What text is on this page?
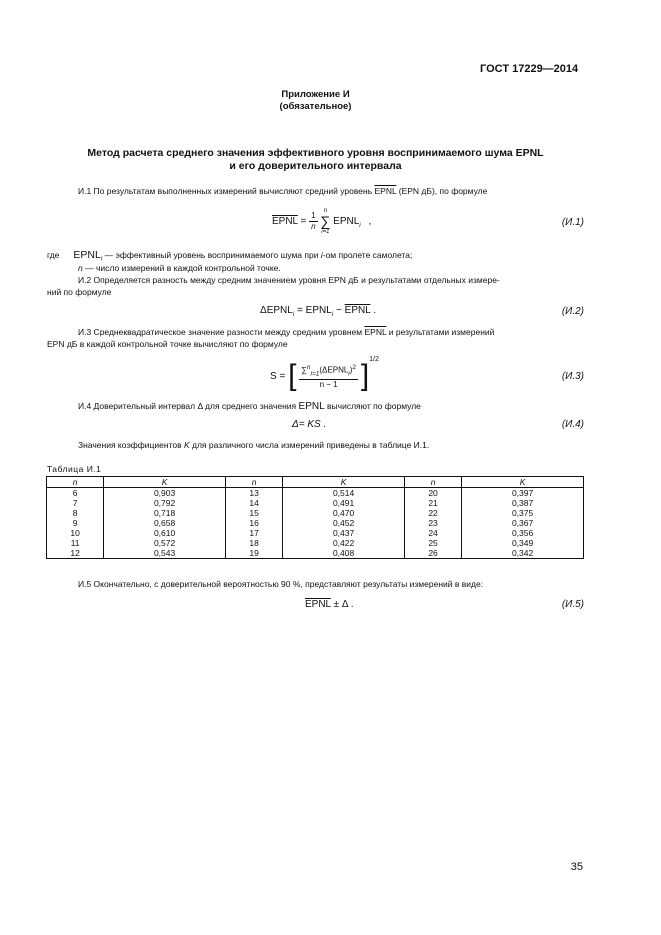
ГОСТ 17229—2014
Приложение И
(обязательное)
Метод расчета среднего значения эффективного уровня воспринимаемого шума EPNL
и его доверительного интервала
И.1 По результатам выполненных измерений вычисляют средний уровень EPNL (EPN дБ), по формуле
EPNL = $\frac{1}{n}$
	n
∑
i=1
$EPNL_i$ ,	(И.1)
где $EPNL_i$ — эффективный уровень воспринимаемого шума при i-ом пролете самолета;
n — число измерений в каждой контрольной точке.
И.2 Определяется разность между средним значением уровня EPN дБ и результатами отдельных измере-
ний по формуле
$\Delta EPNL_i$ = $EPNL_i$ − EPNL .	(И.2)
И.3 Среднеквадратическое значение разности между средним уровнем EPNL и результатами измерений
EPN дБ в каждой контрольной точке вычисляют по формуле
S = [ $\frac{\sum^n_{i=1}(\Delta EPNL_i)^2}{n - 1} ]^{1/2}$
(И.3)
И.4 Доверительный интервал Δ для среднего значения EPNL вычисляют по формуле
Δ= KS .	(И.4)
Значения коэффициентов K для различного числа измерений приведены в таблице И.1.
Таблица И.1
n	K	n	K	n	K
6	0,903	13	0,514	20	0,397
7	0,792	14	0,491	21	0,387
8	0,718	15	0,470	22	0,375
9	0,658	16	0,452	23	0,367
10	0,610	17	0,437	24	0,356
11	0,572	18	0,422	25	0,349
12	0,543	19	0,408	26	0,342
И.5 Окончательно, с доверительной вероятностью 90 %, представляют результаты измерений в виде:
EPNL ± Δ .	(И.5)
35
